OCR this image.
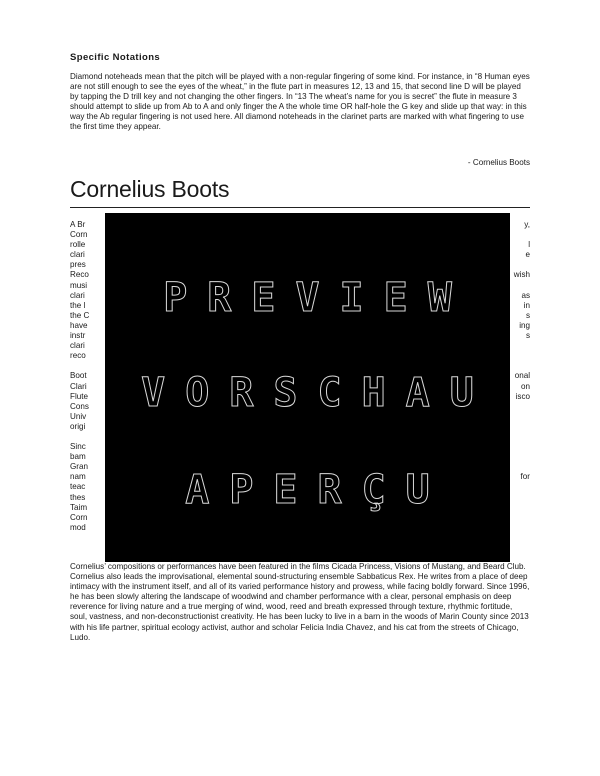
Specific Notations

Diamond noteheads mean that the pitch will be played with a non-regular fingering of some kind. For instance, in “8 Human eyes are not still enough to see the eyes of the wheat,” in the flute part in measures 12, 13 and 15, that second line D will be played by tapping the D trill key and not changing the other fingers. In “13 The wheat’s name for you is secret” the flute in measure 3 should attempt to slide up from Ab to A and only finger the A the whole time OR half-hole the G key and slide up that way: in this way the Ab regular fingering is not used here. All diamond noteheads in the clarinet parts are marked with what fingering to use the first time they appear.

- Cornelius Boots
Cornelius Boots
A Br	y,
Corn
rolle	l
clari	e
pres
Reco	wish
musi
clari	as
the l	in
the C	s
have	ing
instr	s
clari
reco
Boot	onal
Clari	on
Flute	isco
Cons
Univ
origi
Sinc
bam
Gran
nam	for
teac
thes
Taim
Corn
mod

Cornelius’ compositions or performances have been featured in the films Cicada Princess, Visions of Mustang, and Beard Club. Cornelius also leads the improvisational, elemental sound-structuring ensemble Sabbaticus Rex. He writes from a place of deep intimacy with the instrument itself, and all of its varied performance history and prowess, while facing boldly forward. Since 1996, he has been slowly altering the landscape of woodwind and chamber performance with a clear, personal emphasis on deep reverence for living nature and a true merging of wind, wood, reed and breath expressed through texture, rhythmic fortitude, soul, vastness, and non-deconstructionist creativity. He has been lucky to live in a barn in the woods of Marin County since 2013 with his life partner, spiritual ecology activist, author and scholar Felicia India Chavez, and his cat from the streets of Chicago, Ludo.

PREVIEW
VORSCHAU
APERÇU
